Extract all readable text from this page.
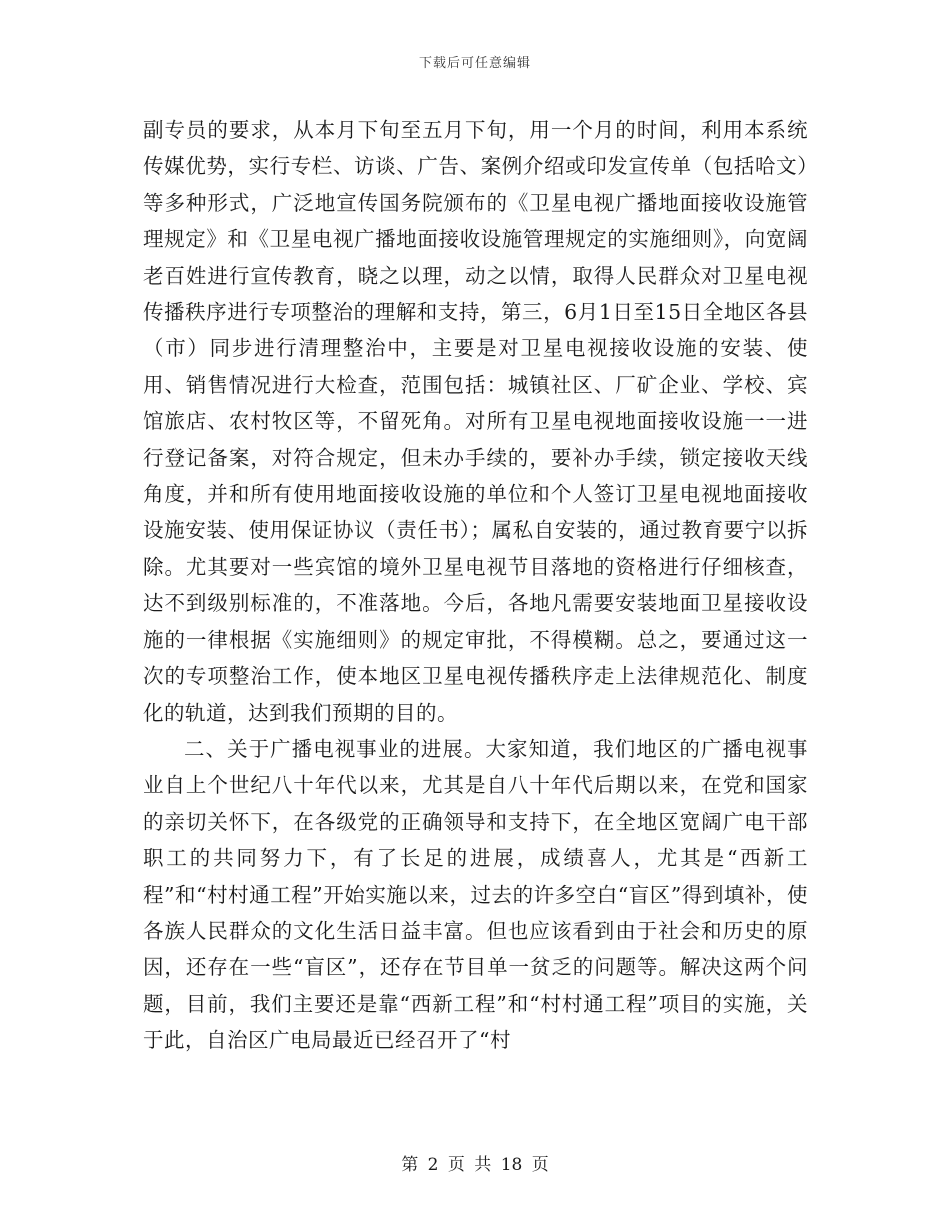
下载后可任意编辑

副专员的要求，从本月下旬至五月下旬，用一个月的时间，利用本系统传媒优势，实行专栏、访谈、广告、案例介绍或印发宣传单（包括哈文）等多种形式，广泛地宣传国务院颁布的《卫星电视广播地面接收设施管理规定》和《卫星电视广播地面接收设施管理规定的实施细则》，向宽阔老百姓进行宣传教育，晓之以理，动之以情，取得人民群众对卫星电视传播秩序进行专项整治的理解和支持，第三，6月1日至15日全地区各县（市）同步进行清理整治中，主要是对卫星电视接收设施的安装、使用、销售情况进行大检查，范围包括：城镇社区、厂矿企业、学校、宾馆旅店、农村牧区等，不留死角。对所有卫星电视地面接收设施一一进行登记备案，对符合规定，但未办手续的，要补办手续，锁定接收天线角度，并和所有使用地面接收设施的单位和个人签订卫星电视地面接收设施安装、使用保证协议（责任书）；属私自安装的，通过教育要宁以拆除。尤其要对一些宾馆的境外卫星电视节目落地的资格进行仔细核查，达不到级别标准的，不准落地。今后，各地凡需要安装地面卫星接收设施的一律根据《实施细则》的规定审批，不得模糊。总之，要通过这一次的专项整治工作，使本地区卫星电视传播秩序走上法律规范化、制度化的轨道，达到我们预期的目的。

二、关于广播电视事业的进展。大家知道，我们地区的广播电视事业自上个世纪八十年代以来，尤其是自八十年代后期以来，在党和国家的亲切关怀下，在各级党的正确领导和支持下，在全地区宽阔广电干部职工的共同努力下，有了长足的进展，成绩喜人，尤其是“西新工程”和“村村通工程”开始实施以来，过去的许多空白“盲区”得到填补，使各族人民群众的文化生活日益丰富。但也应该看到由于社会和历史的原因，还存在一些“盲区”，还存在节目单一贫乏的问题等。解决这两个问题，目前，我们主要还是靠“西新工程”和“村村通工程”项目的实施，关于此，自治区广电局最近已经召开了“村

第 2 页 共 18 页
